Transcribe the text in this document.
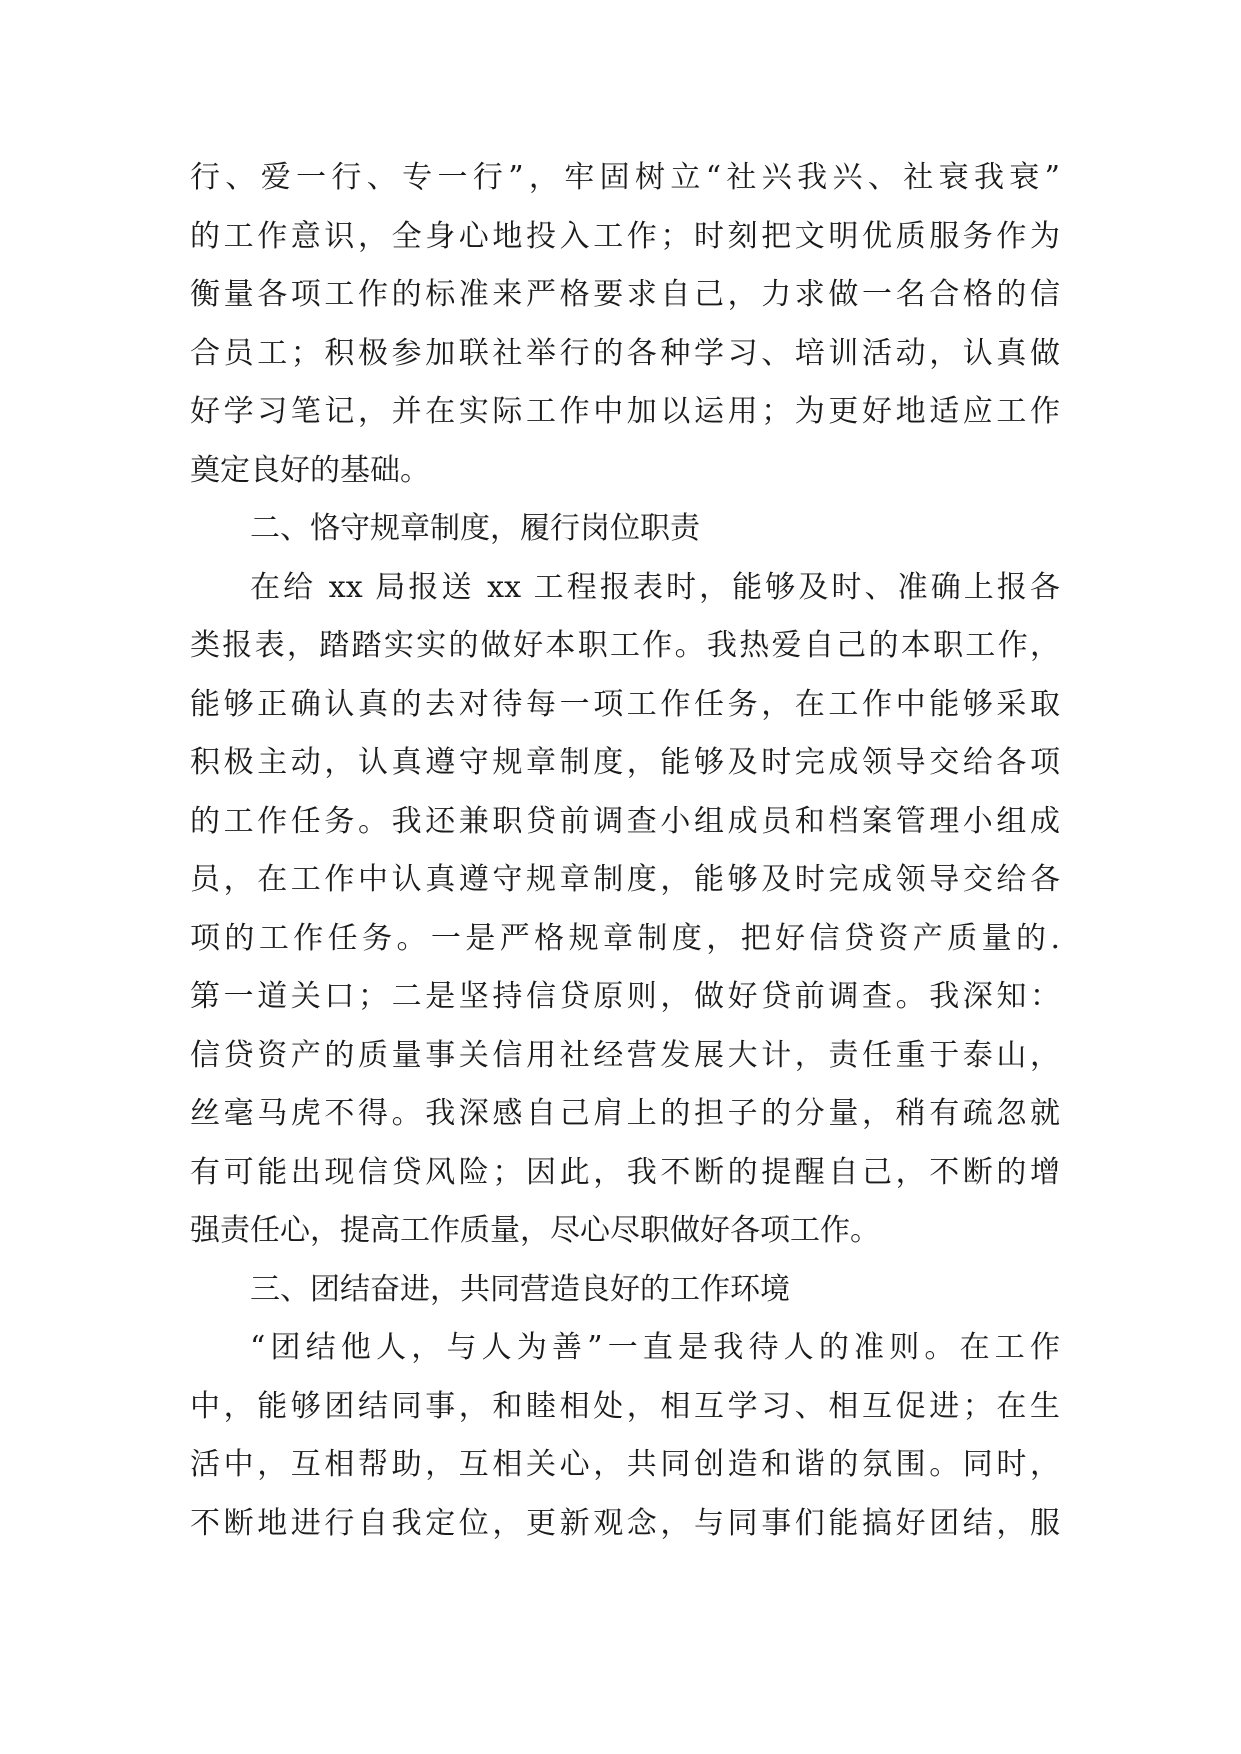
行、爱一行、专一行”，牢固树立“社兴我兴、社衰我衰”
的工作意识，全身心地投入工作；时刻把文明优质服务作为
衡量各项工作的标准来严格要求自己，力求做一名合格的信
合员工；积极参加联社举行的各种学习、培训活动，认真做
好学习笔记，并在实际工作中加以运用；为更好地适应工作
奠定良好的基础。
二、恪守规章制度，履行岗位职责
在给 xx 局报送 xx 工程报表时，能够及时、准确上报各
类报表，踏踏实实的做好本职工作。我热爱自己的本职工作，
能够正确认真的去对待每一项工作任务，在工作中能够采取
积极主动，认真遵守规章制度，能够及时完成领导交给各项
的工作任务。我还兼职贷前调查小组成员和档案管理小组成
员，在工作中认真遵守规章制度，能够及时完成领导交给各
项的工作任务。一是严格规章制度，把好信贷资产质量的.
第一道关口；二是坚持信贷原则，做好贷前调查。我深知：
信贷资产的质量事关信用社经营发展大计，责任重于泰山，
丝毫马虎不得。我深感自己肩上的担子的分量，稍有疏忽就
有可能出现信贷风险；因此，我不断的提醒自己，不断的增
强责任心，提高工作质量，尽心尽职做好各项工作。
三、团结奋进，共同营造良好的工作环境
“团结他人，与人为善”一直是我待人的准则。在工作
中，能够团结同事，和睦相处，相互学习、相互促进；在生
活中，互相帮助，互相关心，共同创造和谐的氛围。同时，
不断地进行自我定位，更新观念，与同事们能搞好团结，服
